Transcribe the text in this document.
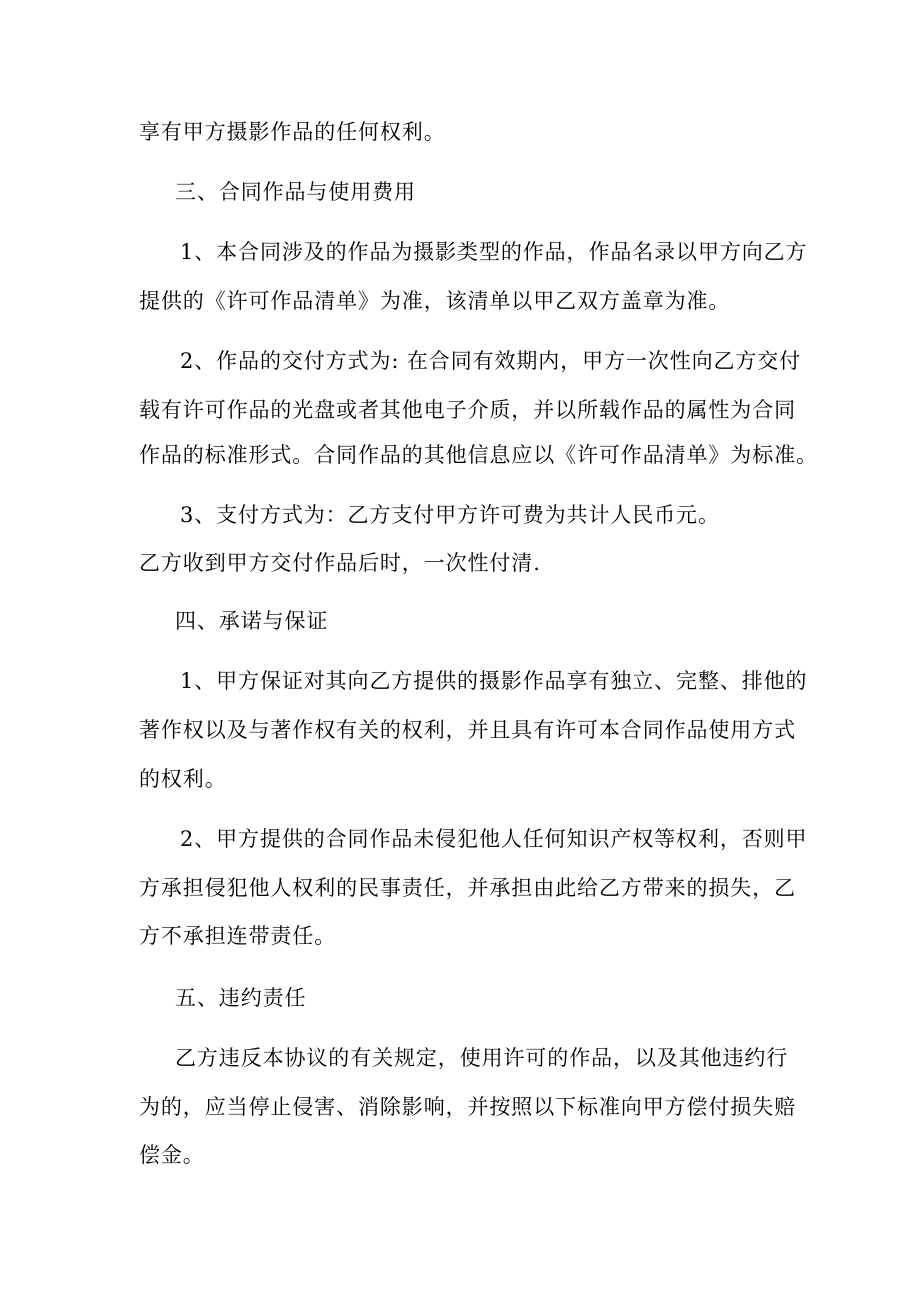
享有甲方摄影作品的任何权利。
三、合同作品与使用费用
1、本合同涉及的作品为摄影类型的作品，作品名录以甲方向乙方
提供的《许可作品清单》为准，该清单以甲乙双方盖章为准。
2、作品的交付方式为: 在合同有效期内，甲方一次性向乙方交付
载有许可作品的光盘或者其他电子介质，并以所载作品的属性为合同
作品的标准形式。合同作品的其他信息应以《许可作品清单》为标准。
3、支付方式为：乙方支付甲方许可费为共计人民币元。
乙方收到甲方交付作品后时，一次性付清.
四、承诺与保证
1、甲方保证对其向乙方提供的摄影作品享有独立、完整、排他的
著作权以及与著作权有关的权利，并且具有许可本合同作品使用方式
的权利。
2、甲方提供的合同作品未侵犯他人任何知识产权等权利，否则甲
方承担侵犯他人权利的民事责任，并承担由此给乙方带来的损失，乙
方不承担连带责任。
五、违约责任
乙方违反本协议的有关规定，使用许可的作品，以及其他违约行
为的，应当停止侵害、消除影响，并按照以下标准向甲方偿付损失赔
偿金。
